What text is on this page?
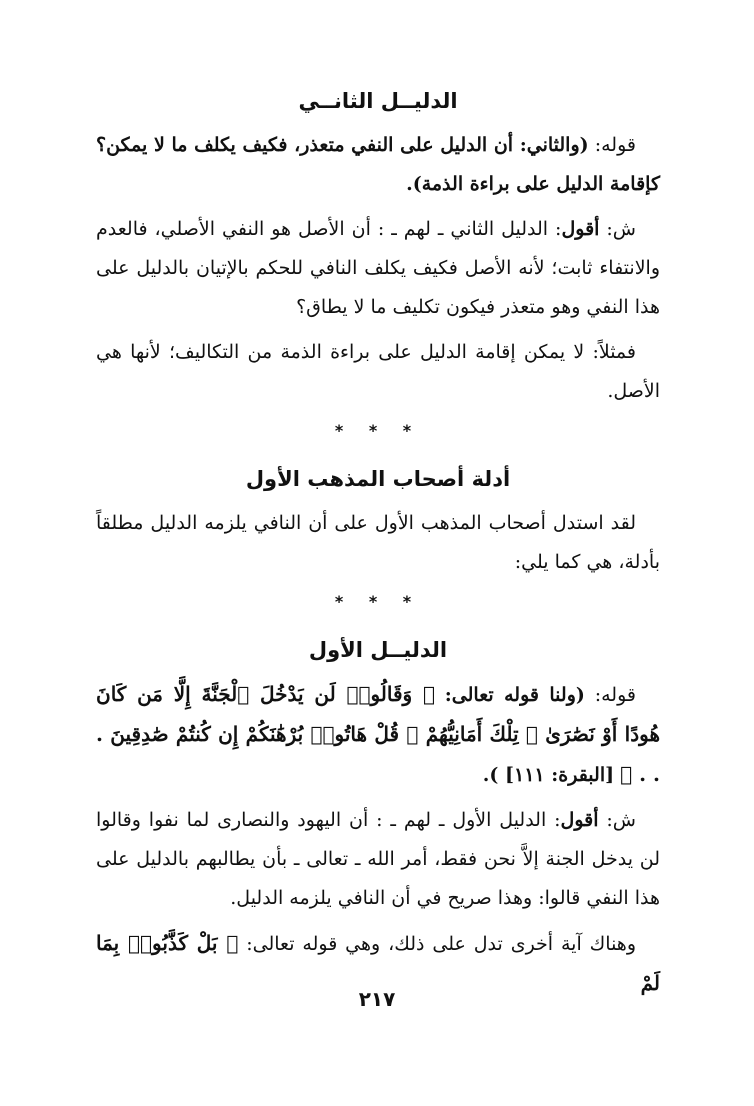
الدليــل الثانــي

قوله: (والثاني: أن الدليل على النفي متعذر، فكيف يكلف ما لا يمكن؟ كإقامة الدليل على براءة الذمة).

ش: أقول: الدليل الثاني ـ لهم ـ : أن الأصل هو النفي الأصلي، فالعدم والانتفاء ثابت؛ لأنه الأصل فكيف يكلف النافي للحكم بالإتيان بالدليل على هذا النفي وهو متعذر فيكون تكليف ما لا يطاق؟

فمثلاً: لا يمكن إقامة الدليل على براءة الذمة من التكاليف؛ لأنها هي الأصل.

* * *
أدلة أصحاب المذهب الأول

لقد استدل أصحاب المذهب الأول على أن النافي يلزمه الدليل مطلقاً بأدلة، هي كما يلي:

* * *
الدليــل الأول

قوله: (ولنا قوله تعالى: ﴿ وَقَالُوا۟ لَن يَدْخُلَ ٱلْجَنَّةَ إِلَّا مَن كَانَ هُودًا أَوْ نَصَٰرَىٰ ۗ تِلْكَ أَمَانِيُّهُمْ ۗ قُلْ هَاتُوا۟ بُرْهَٰنَكُمْ إِن كُنتُمْ صَٰدِقِينَ . . . ﴾ [البقرة: ١١١] ).

ش: أقول: الدليل الأول ـ لهم ـ : أن اليهود والنصارى لما نفوا وقالوا لن يدخل الجنة إلاَّ نحن فقط، أمر الله ـ تعالى ـ بأن يطالبهم بالدليل على هذا النفي قالوا: وهذا صريح في أن النافي يلزمه الدليل.

وهناك آية أخرى تدل على ذلك، وهي قوله تعالى: ﴿ بَلْ كَذَّبُوا۟ بِمَا لَمْ

٢١٧
